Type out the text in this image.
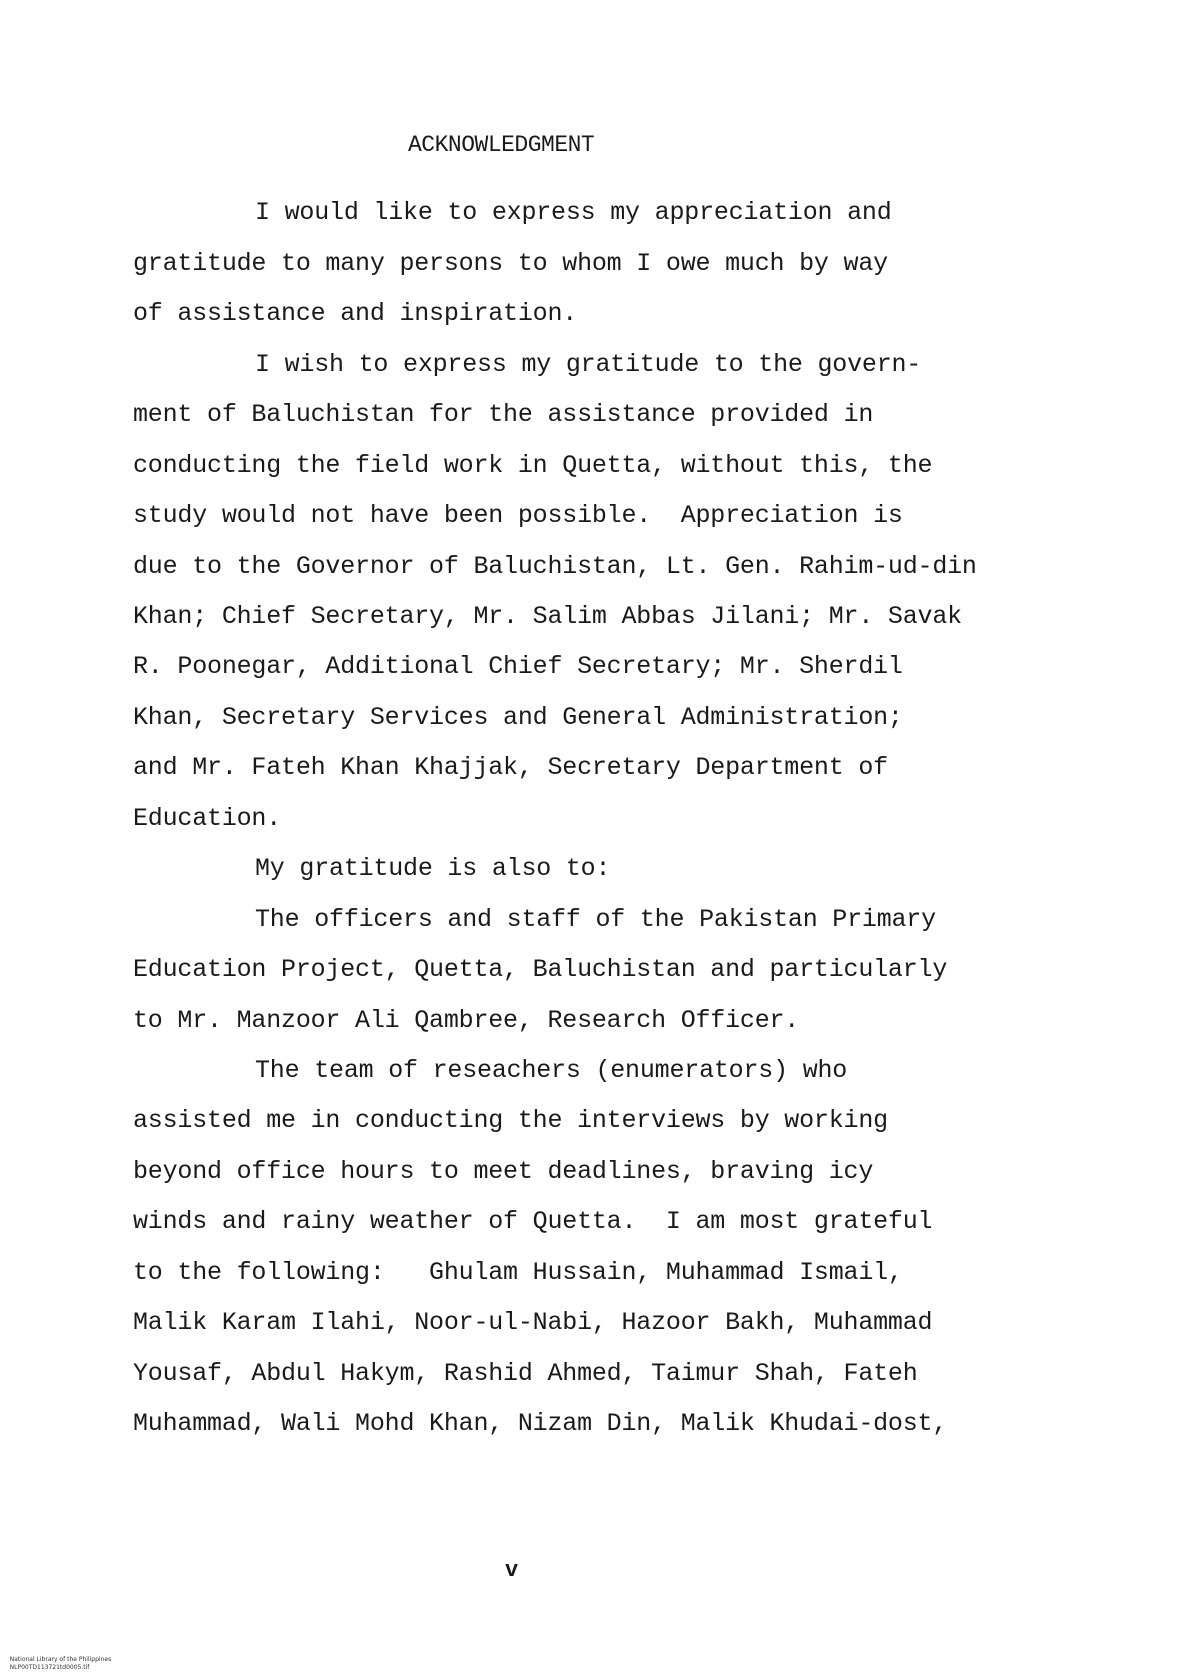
ACKNOWLEDGMENT
I would like to express my appreciation and
gratitude to many persons to whom I owe much by way
of assistance and inspiration.
I wish to express my gratitude to the govern-
ment of Baluchistan for the assistance provided in
conducting the field work in Quetta, without this, the
study would not have been possible.  Appreciation is
due to the Governor of Baluchistan, Lt. Gen. Rahim-ud-din
Khan; Chief Secretary, Mr. Salim Abbas Jilani; Mr. Savak
R. Poonegar, Additional Chief Secretary; Mr. Sherdil
Khan, Secretary Services and General Administration;
and Mr. Fateh Khan Khajjak, Secretary Department of
Education.
My gratitude is also to:
The officers and staff of the Pakistan Primary
Education Project, Quetta, Baluchistan and particularly
to Mr. Manzoor Ali Qambree, Research Officer.
The team of reseachers (enumerators) who
assisted me in conducting the interviews by working
beyond office hours to meet deadlines, braving icy
winds and rainy weather of Quetta.  I am most grateful
to the following:   Ghulam Hussain, Muhammad Ismail,
Malik Karam Ilahi, Noor-ul-Nabi, Hazoor Bakh, Muhammad
Yousaf, Abdul Hakym, Rashid Ahmed, Taimur Shah, Fateh
Muhammad, Wali Mohd Khan, Nizam Din, Malik Khudai-dost,
v

National Library of the Philippines
NLP00TD113721td0005.tif
